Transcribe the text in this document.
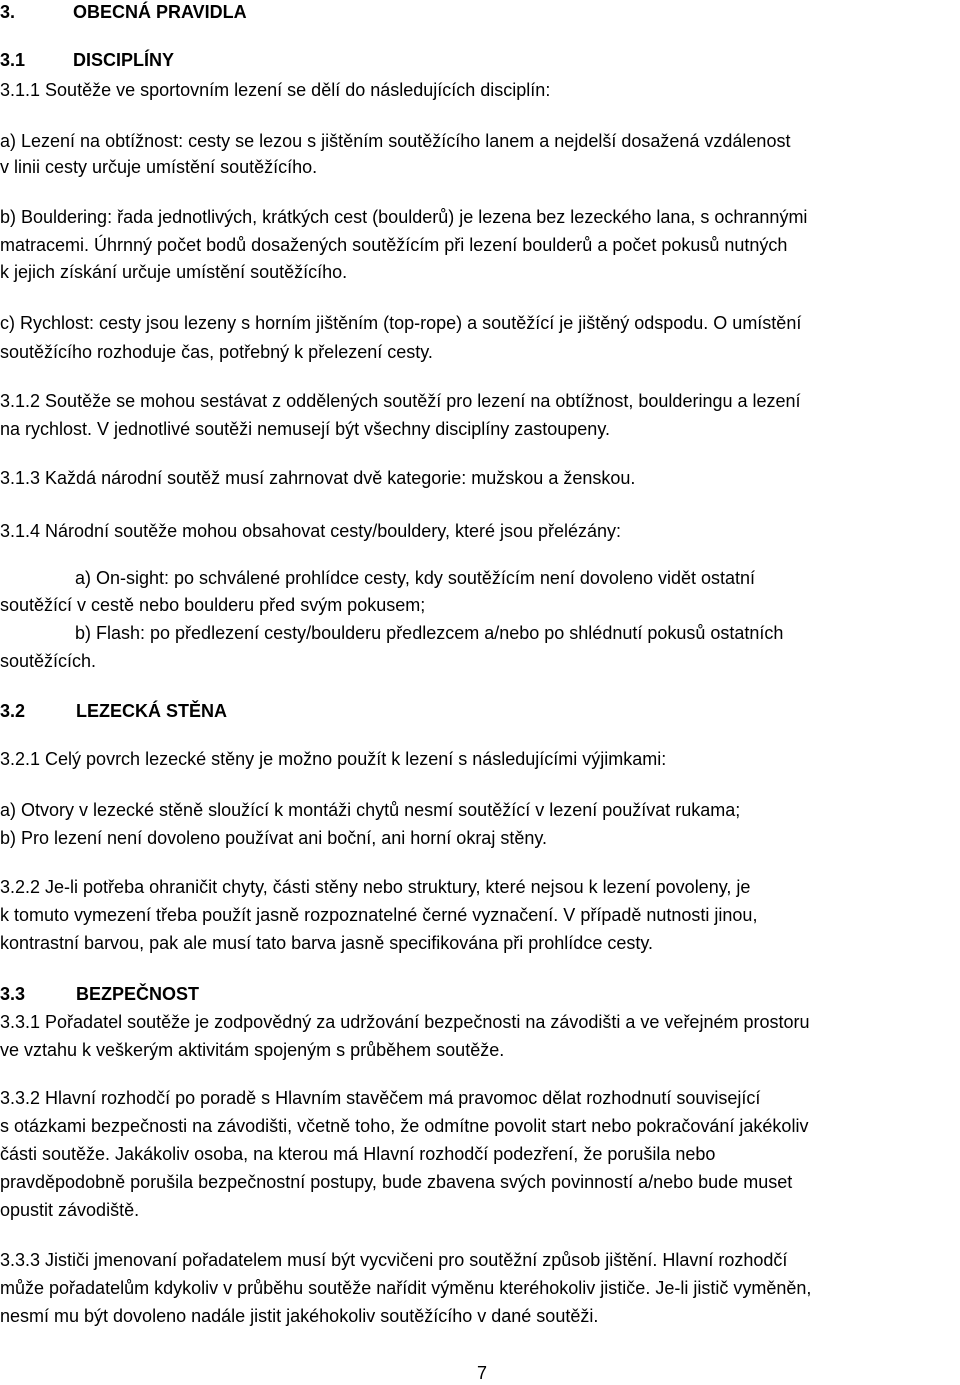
3.	OBECNÁ PRAVIDLA
3.1	DISCIPLÍNY
3.1.1 Soutěže ve sportovním lezení se dělí do následujících disciplín:
a) Lezení na obtížnost: cesty se lezou s jištěním soutěžícího lanem a nejdelší dosažená vzdálenost
v linii cesty určuje umístění soutěžícího.
b) Bouldering: řada jednotlivých, krátkých cest (boulderů) je lezena bez lezeckého lana, s ochrannými
matracemi. Úhrnný počet bodů dosažených soutěžícím při lezení boulderů a počet pokusů nutných
k jejich získání určuje umístění soutěžícího.
c) Rychlost: cesty jsou lezeny s horním jištěním (top-rope) a soutěžící je jištěný odspodu. O umístění
soutěžícího rozhoduje čas, potřebný k přelezení cesty.
3.1.2 Soutěže se mohou sestávat z oddělených soutěží pro lezení na obtížnost, boulderingu a lezení
na rychlost. V jednotlivé soutěži nemusejí být všechny disciplíny zastoupeny.
3.1.3 Každá národní soutěž musí zahrnovat dvě kategorie: mužskou a ženskou.
3.1.4 Národní soutěže mohou obsahovat cesty/bouldery, které jsou přelézány:
a) On-sight: po schválené prohlídce cesty, kdy soutěžícím není dovoleno vidět ostatní
soutěžící v cestě nebo boulderu před svým pokusem;
b) Flash: po předlezení cesty/boulderu předlezcem a/nebo po shlédnutí pokusů ostatních
soutěžících.
3.2	LEZECKÁ STĚNA
3.2.1 Celý povrch lezecké stěny je možno použít k lezení s následujícími výjimkami:
a) Otvory v lezecké stěně sloužící k montáži chytů nesmí soutěžící v lezení používat rukama;
b) Pro lezení není dovoleno používat ani boční, ani horní okraj stěny.
3.2.2 Je-li potřeba ohraničit chyty, části stěny nebo struktury, které nejsou k lezení povoleny, je
k tomuto vymezení třeba použít jasně rozpoznatelné černé vyznačení. V případě nutnosti jinou,
kontrastní barvou, pak ale musí tato barva jasně specifikována při prohlídce cesty.
3.3	BEZPEČNOST
3.3.1 Pořadatel soutěže je zodpovědný za udržování bezpečnosti na závodišti a ve veřejném prostoru
ve vztahu k veškerým aktivitám spojeným s průběhem soutěže.
3.3.2 Hlavní rozhodčí po poradě s Hlavním stavěčem má pravomoc dělat rozhodnutí související
s otázkami bezpečnosti na závodišti, včetně toho, že odmítne povolit start nebo pokračování jakékoliv
části soutěže. Jakákoliv osoba, na kterou má Hlavní rozhodčí podezření, že porušila nebo
pravděpodobně porušila bezpečnostní postupy, bude zbavena svých povinností a/nebo bude muset
opustit závodiště.
3.3.3 Jističi jmenovaní pořadatelem musí být vycvičeni pro soutěžní způsob jištění. Hlavní rozhodčí
může pořadatelům kdykoliv v průběhu soutěže nařídit výměnu kteréhokoliv jističe. Je-li jistič vyměněn,
nesmí mu být dovoleno nadále jistit jakéhokoliv soutěžícího v dané soutěži.
7
